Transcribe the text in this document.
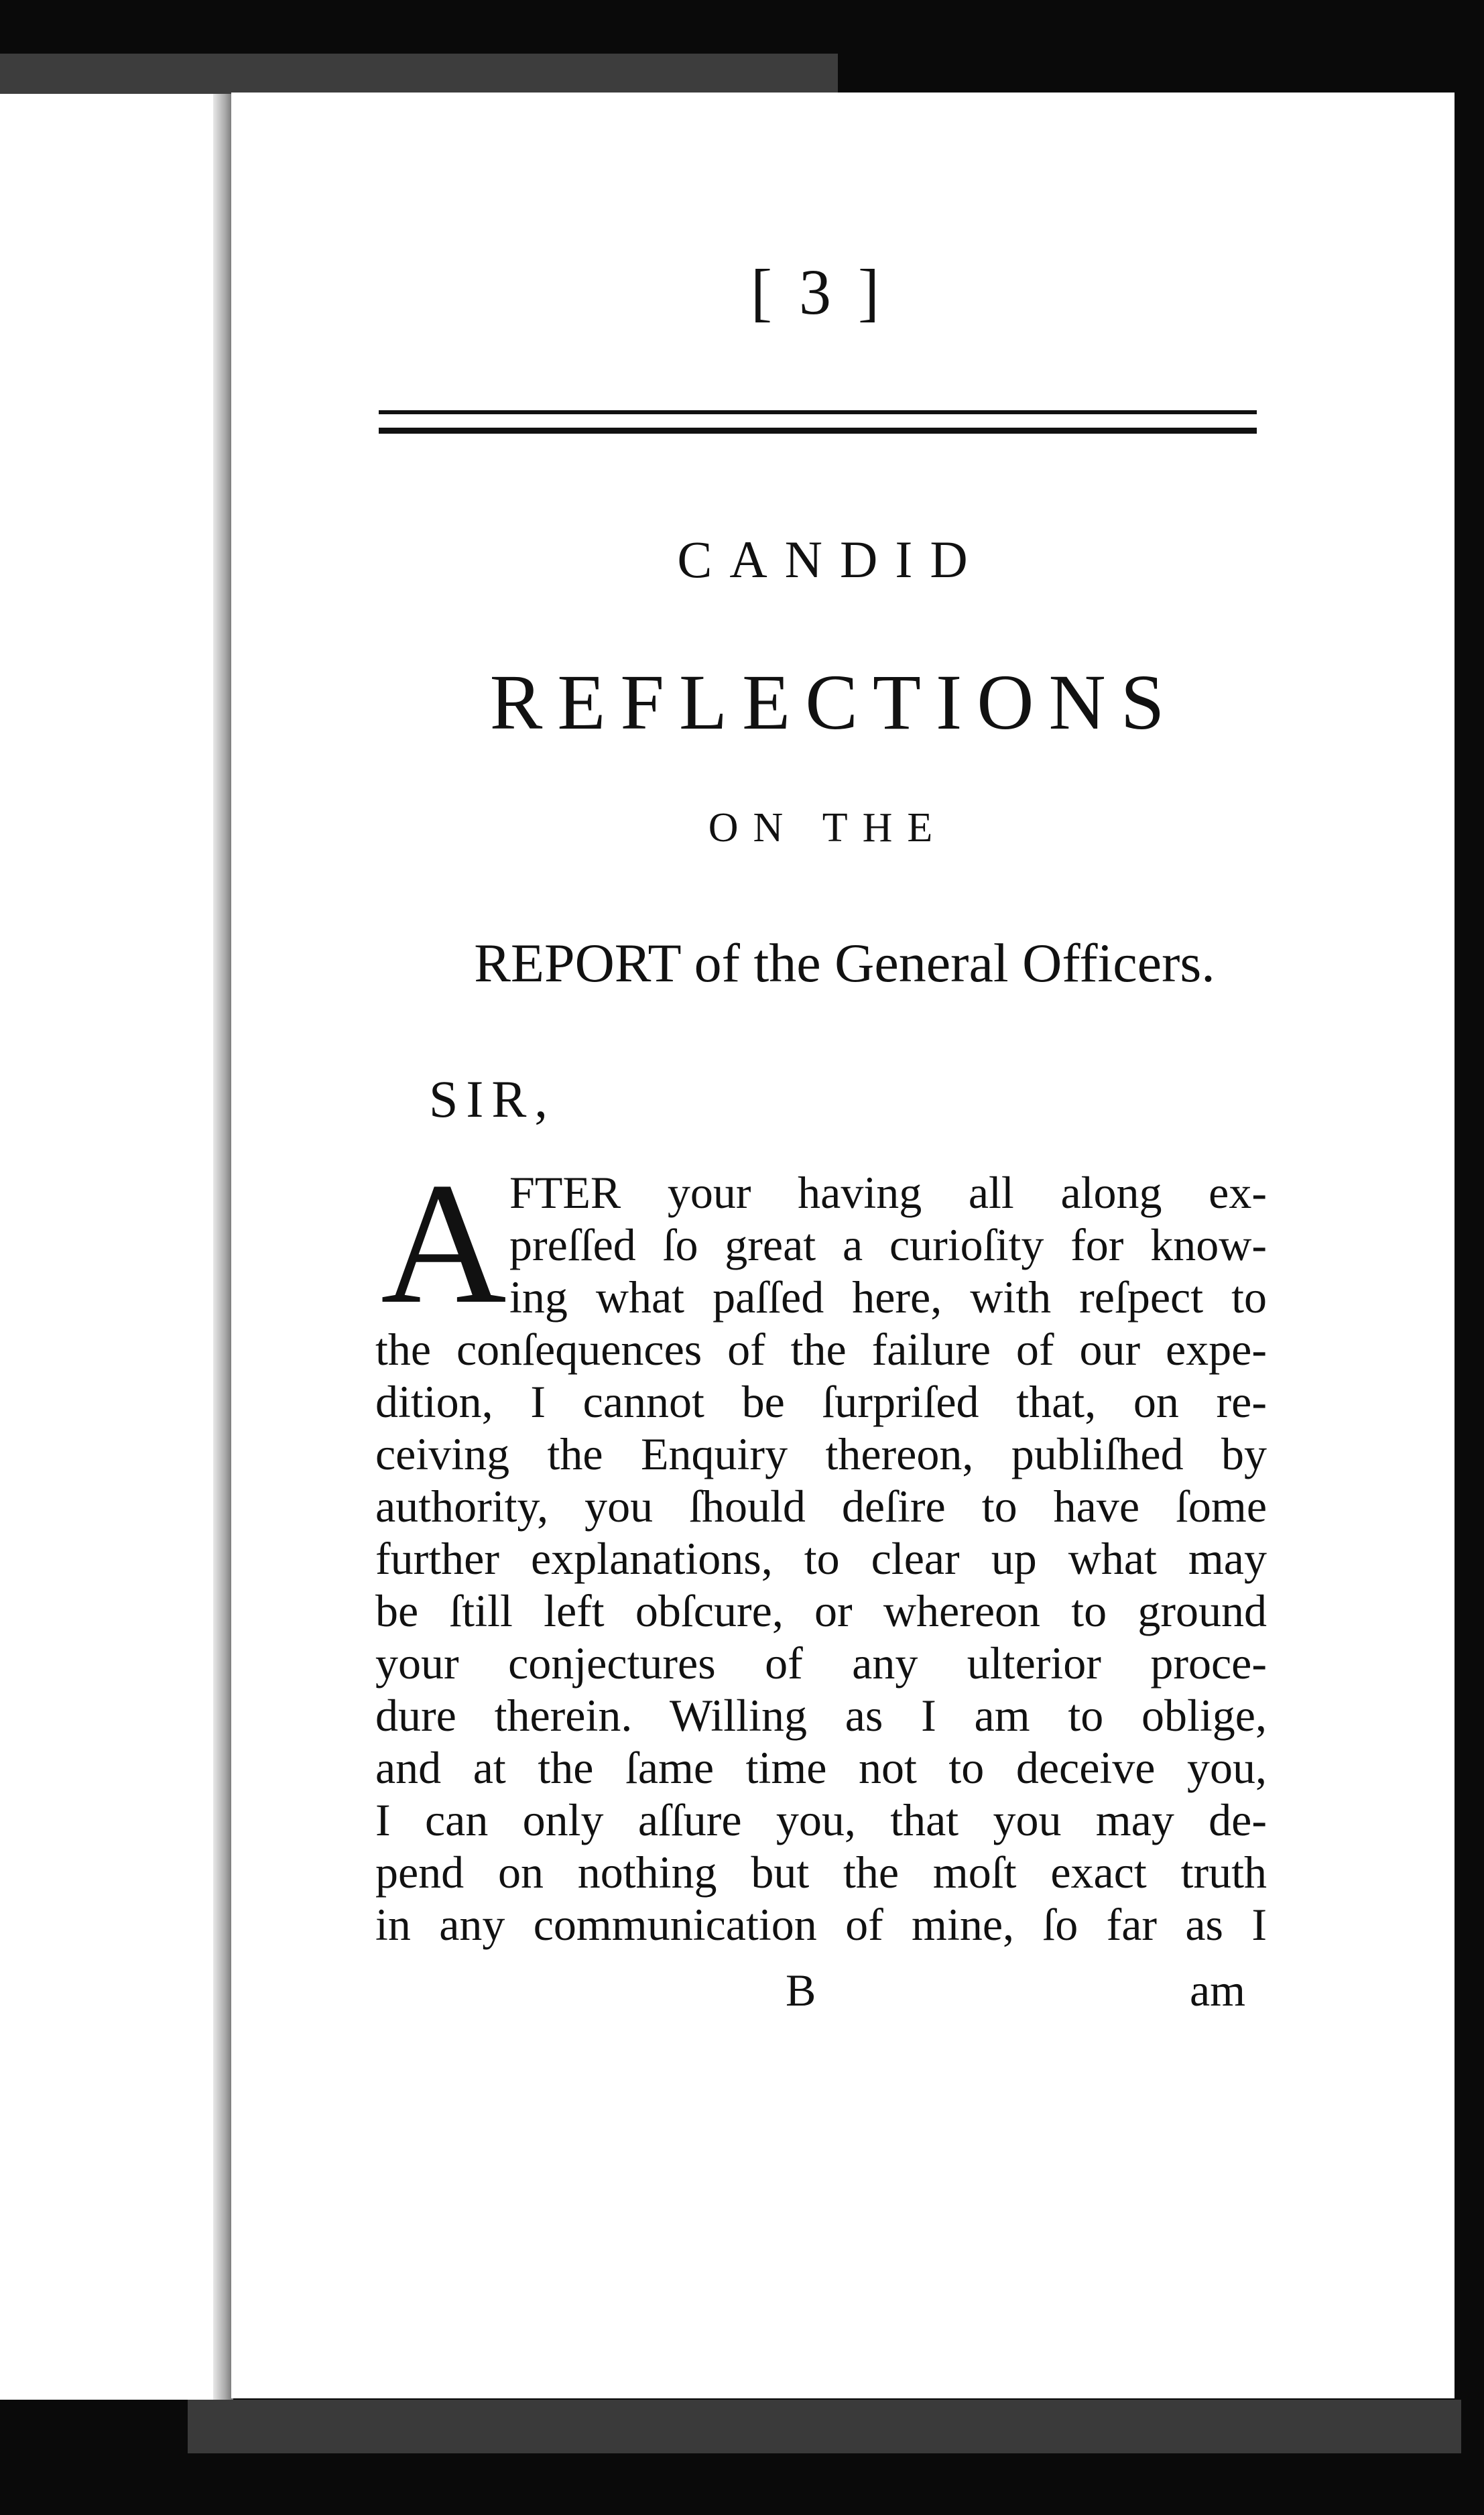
[ 3 ]
CANDID
REFLECTIONS
ON THE
REPORT of the General Officers.
SIR,
A FTER your having all along ex-
preſſed ſo great a curioſity for know-
ing what paſſed here, with reſpect to
the conſequences of the failure of our expe-
dition, I cannot be ſurpriſed that, on re-
ceiving the Enquiry thereon, publiſhed by
authority, you ſhould deſire to have ſome
further explanations, to clear up what may
be ſtill left obſcure, or whereon to ground
your conjectures of any ulterior proce-
dure therein. Willing as I am to oblige,
and at the ſame time not to deceive you,
I can only aſſure you, that you may de-
pend on nothing but the moſt exact truth
in any communication of mine, ſo far as I
B	am
